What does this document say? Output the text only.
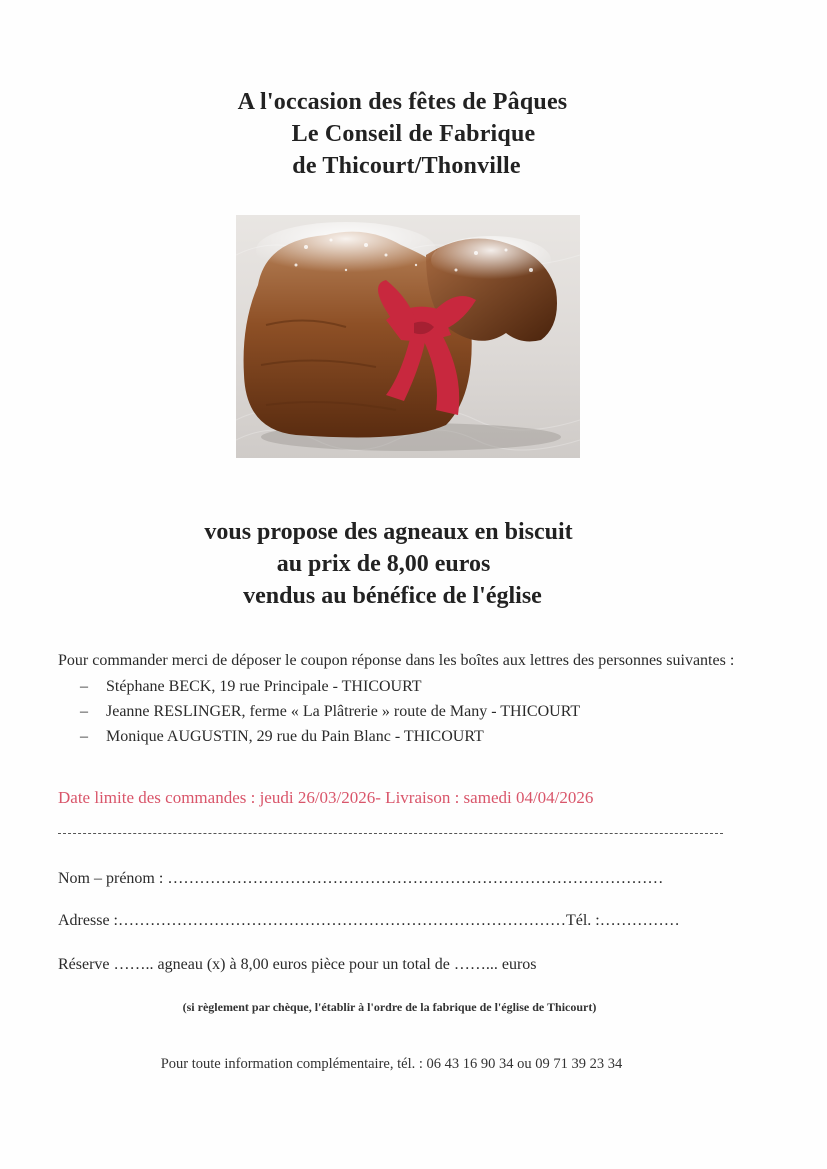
A l'occasion des fêtes de Pâques
Le Conseil de Fabrique
de Thicourt/Thonville
vous propose des agneaux en biscuit
au prix de 8,00 euros
vendus au bénéfice de l'église
Pour commander merci de déposer le coupon réponse dans les boîtes aux lettres des personnes suivantes :
– Stéphane BECK, 19 rue Principale - THICOURT
– Jeanne RESLINGER, ferme « La Plâtrerie » route de Many - THICOURT
– Monique AUGUSTIN, 29 rue du Pain Blanc - THICOURT
Date limite des commandes : jeudi 26/03/2026- Livraison : samedi 04/04/2026
Nom – prénom : …………………………………………………………………………………
Adresse :…………………………………………………………………………Tél. :……………
Réserve …….. agneau (x) à 8,00 euros pièce pour un total de ……... euros
(si règlement par chèque, l'établir à l'ordre de la fabrique de l'église de Thicourt)
Pour toute information complémentaire, tél. : 06 43 16 90 34 ou 09 71 39 23 34
